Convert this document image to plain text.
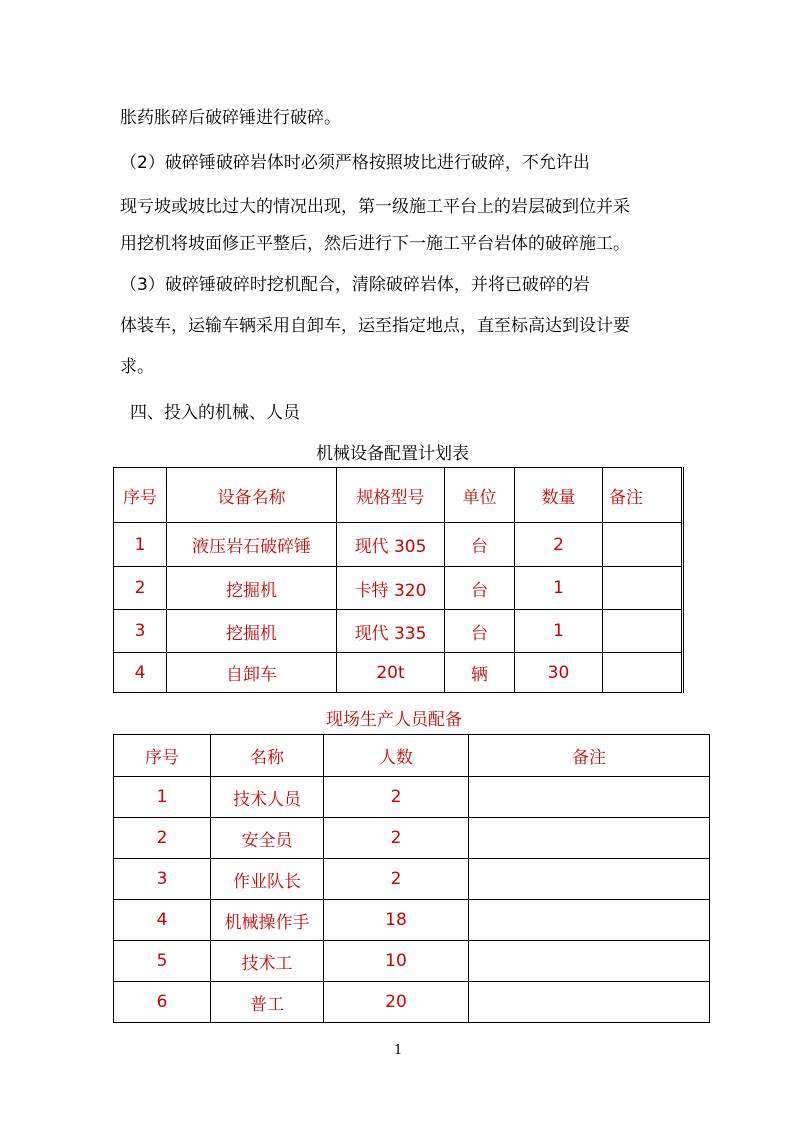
胀药胀碎后破碎锤进行破碎。
（2）破碎锤破碎岩体时必须严格按照坡比进行破碎，不允许出
现亏坡或坡比过大的情况出现，第一级施工平台上的岩层破到位并采
用挖机将坡面修正平整后，然后进行下一施工平台岩体的破碎施工。
（3）破碎锤破碎时挖机配合，清除破碎岩体，并将已破碎的岩
体装车，运输车辆采用自卸车，运至指定地点，直至标高达到设计要
求。
四、投入的机械、人员
机械设备配置计划表
序号	设备名称	规格型号	单位	数量	备注
1	液压岩石破碎锤	现代 305	台	2	
2	挖掘机	卡特 320	台	1	
3	挖掘机	现代 335	台	1	
4	自卸车	20t	辆	30	
现场生产人员配备
序号	名称	人数	备注
1	技术人员	2	
2	安全员	2	
3	作业队长	2	
4	机械操作手	18	
5	技术工	10	
6	普工	20	
1
